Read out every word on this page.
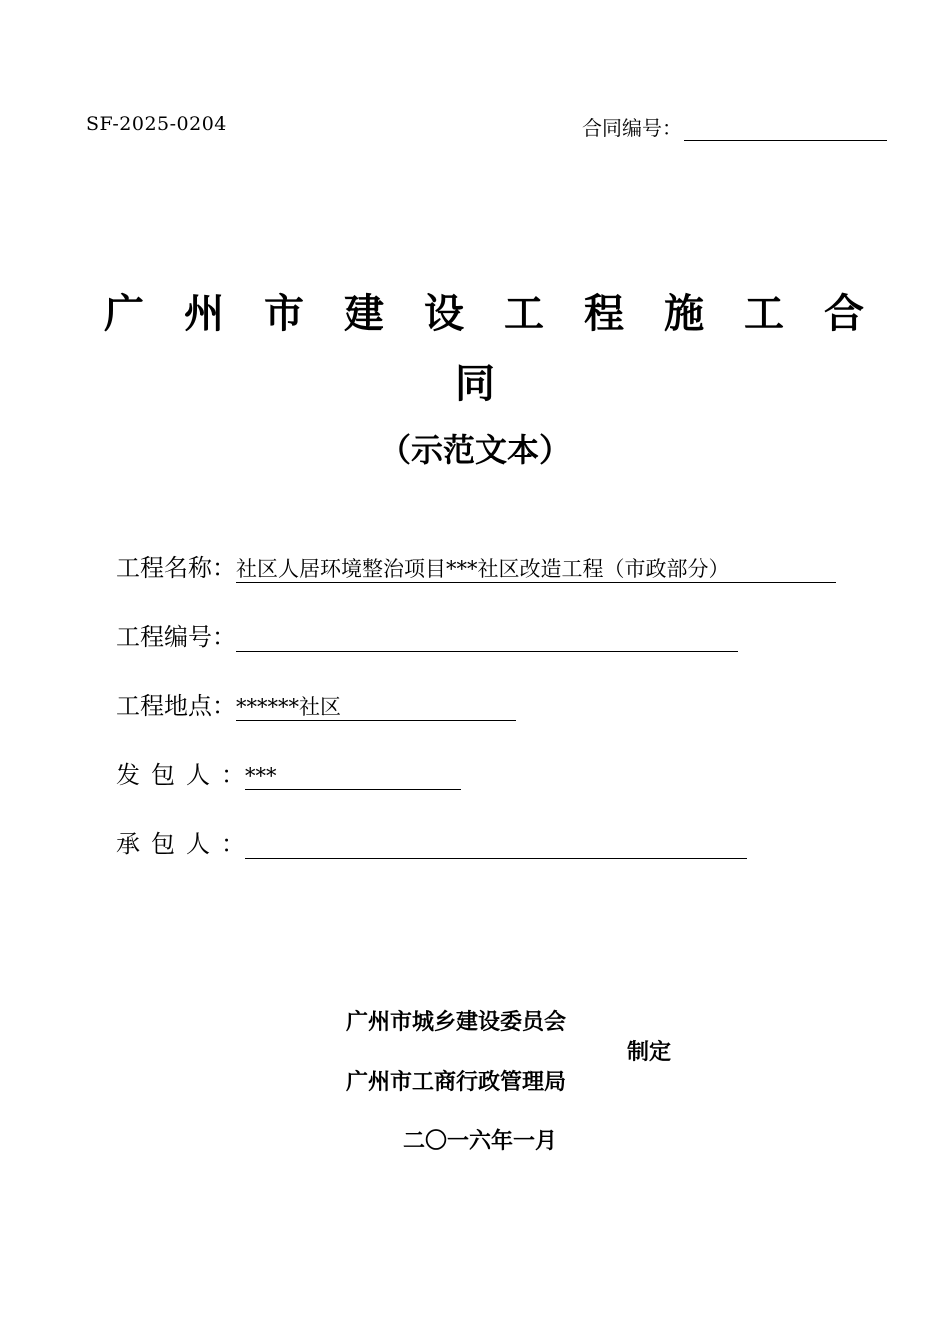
SF-2025-0204	合同编号：
广 州 市 建 设 工 程 施 工 合
同
（示范文本）
工程名称 ： 社区人居环境整治项目***社区改造工程（市政部分）
工程编号 ：
工程地点 ： ******社区
发包人 ： ***
承包人 ：
广州市城乡建设委员会
制定
广州市工商行政管理局
二〇一六年一月
